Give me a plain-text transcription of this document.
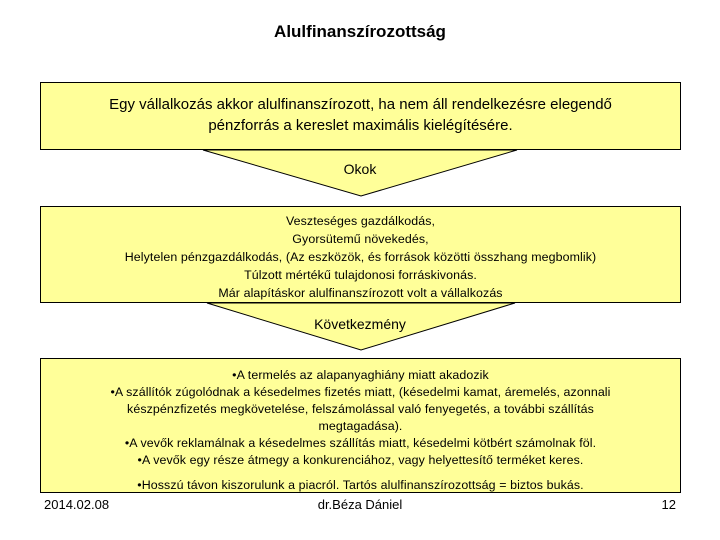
Alulfinanszírozottság
Egy vállalkozás akkor alulfinanszírozott, ha nem áll rendelkezésre elegendő
pénzforrás a kereslet maximális kielégítésére.
Okok
Veszteséges gazdálkodás,
Gyorsütemű növekedés,
Helytelen pénzgazdálkodás, (Az eszközök, és források közötti összhang megbomlik)
Túlzott mértékű tulajdonosi forráskivonás.
Már alapításkor alulfinanszírozott volt a vállalkozás
Következmény
•A termelés az alapanyaghiány miatt akadozik
•A szállítók zúgolódnak a késedelmes fizetés miatt, (késedelmi kamat, áremelés, azonnali
készpénzfizetés megkövetelése, felszámolással való fenyegetés, a további szállítás
megtagadása).
•A vevők reklamálnak a késedelmes szállítás miatt, késedelmi kötbért számolnak föl.
•A vevők egy része átmegy a konkurenciához, vagy helyettesítő terméket keres.
•Hosszú távon kiszorulunk a piacról. Tartós alulfinanszírozottság = biztos bukás.
2014.02.08	dr.Béza Dániel	12
